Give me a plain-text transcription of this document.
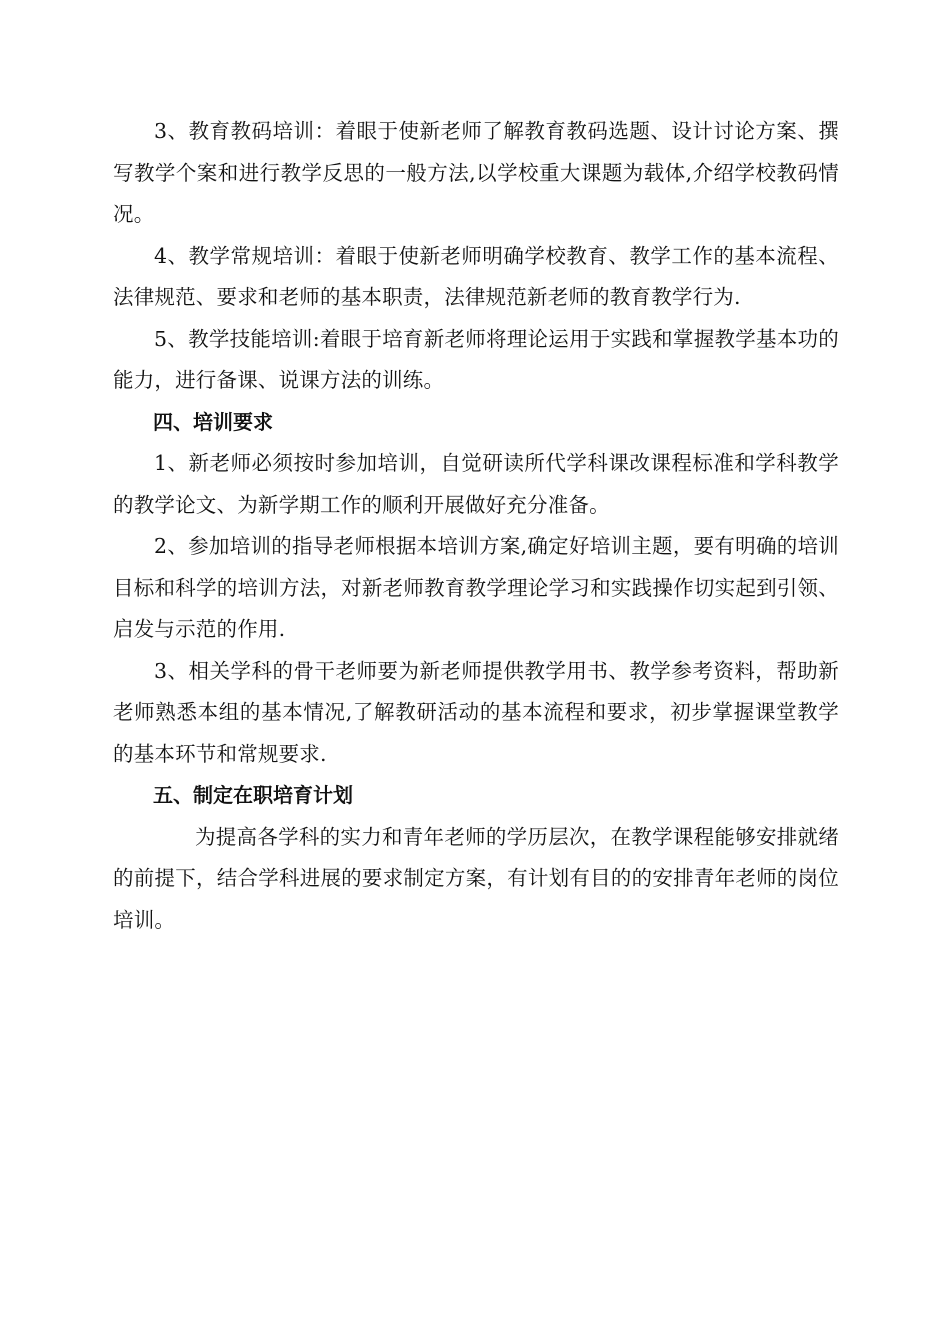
3、教育教码培训：着眼于使新老师了解教育教码选题、设计讨论方案、撰写教学个案和进行教学反思的一般方法,以学校重大课题为载体,介绍学校教码情况。

4、教学常规培训：着眼于使新老师明确学校教育、教学工作的基本流程、法律规范、要求和老师的基本职责，法律规范新老师的教育教学行为.

5、教学技能培训:着眼于培育新老师将理论运用于实践和掌握教学基本功的能力，进行备课、说课方法的训练。

四、培训要求

1、新老师必须按时参加培训，自觉研读所代学科课改课程标准和学科教学的教学论文、为新学期工作的顺利开展做好充分准备。

2、参加培训的指导老师根据本培训方案,确定好培训主题，要有明确的培训目标和科学的培训方法，对新老师教育教学理论学习和实践操作切实起到引领、启发与示范的作用.

3、相关学科的骨干老师要为新老师提供教学用书、教学参考资料，帮助新老师熟悉本组的基本情况,了解教研活动的基本流程和要求，初步掌握课堂教学的基本环节和常规要求.

五、制定在职培育计划

为提高各学科的实力和青年老师的学历层次，在教学课程能够安排就绪的前提下，结合学科进展的要求制定方案，有计划有目的的安排青年老师的岗位培训。
